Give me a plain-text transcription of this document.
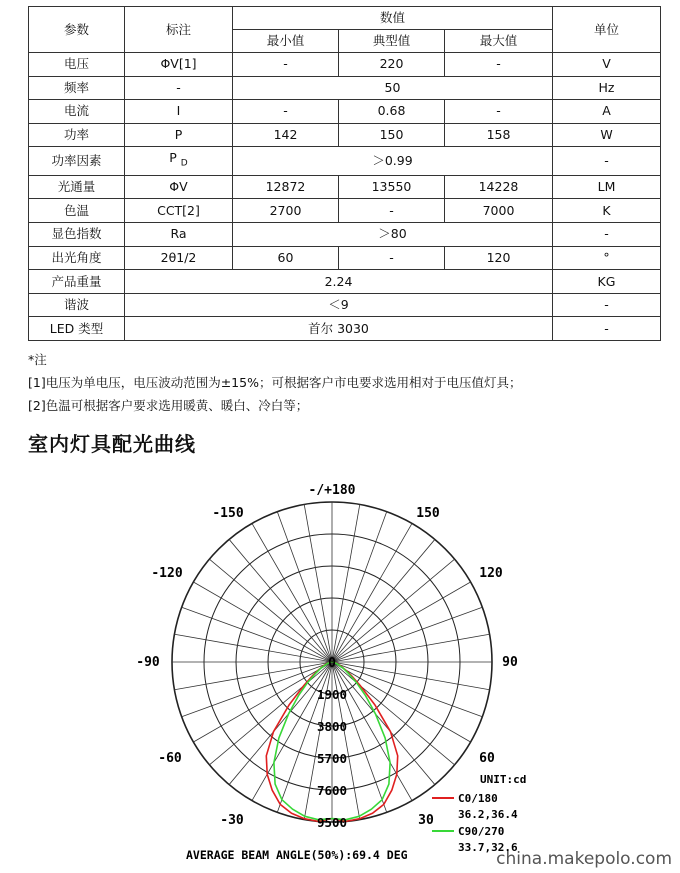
参数	标注	数值			单位
		最小值	典型值	最大值	
电压	ΦV[1]	-	220	-	V
频率	-	50			Hz
电流	I	-	0.68	-	A
功率	P	142	150	158	W
功率因素	P $_D$	＞0.99			-
光通量	ΦV	12872	13550	14228	LM
色温	CCT[2]	2700	-	7000	K
显色指数	Ra	＞80			-
出光角度	2θ1/2	60	-	120	°
产品重量	2.24				KG
谐波	＜9				-
LED 类型	首尔 3030				-
*注
[1]电压为单电压，电压波动范围为±15%；可根据客户市电要求选用相对于电压值灯具；
[2]色温可根据客户要求选用暖黄、暖白、冷白等；
室内灯具配光曲线
-/+180
-150	150
-120	120
-90	90
-60	60
-30	30
0
1900
3800
5700
7600
9500
UNIT:cd
C0/180
36.2,36.4
C90/270
33.7,32.6
AVERAGE BEAM ANGLE(50%):69.4 DEG	china.makepolo.com
